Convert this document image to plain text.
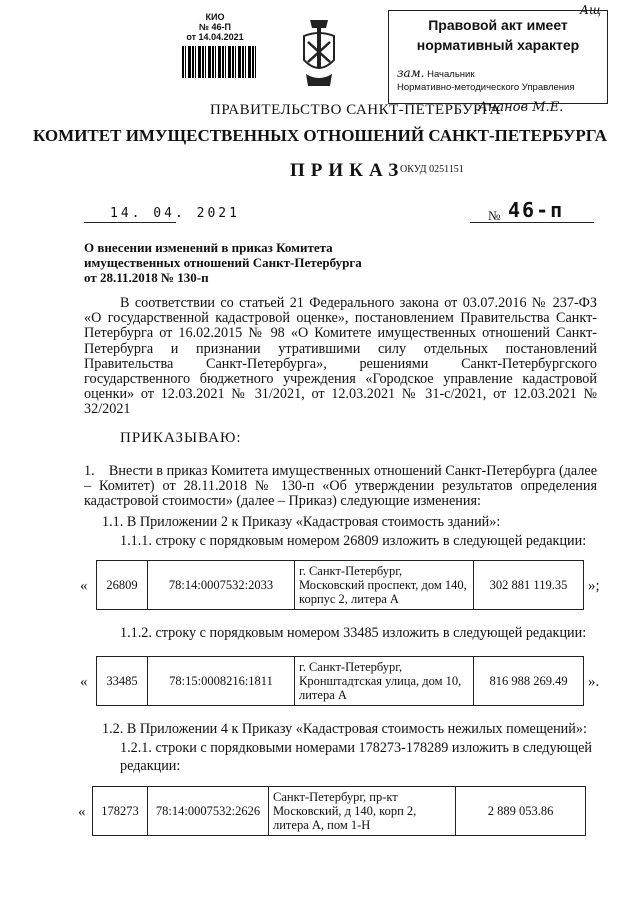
КИО
№ 46-П
от 14.04.2021
Правовой акт имеет
нормативный характер
зам. Начальник
Нормативно-методического Управления
Ащ
ПРАВИТЕЛЬСТВО САНКТ-ПЕТЕРБУРГА
Ананов М.Е.
КОМИТЕТ ИМУЩЕСТВЕННЫХ ОТНОШЕНИЙ САНКТ-ПЕТЕРБУРГА
ПРИКАЗ
ОКУД 0251151
14. 04. 2021	№ 46-п
О внесении изменений в приказ Комитета
имущественных отношений Санкт-Петербурга
от 28.11.2018 № 130-п
В соответствии со статьей 21 Федерального закона от 03.07.2016 № 237-ФЗ «О государственной кадастровой оценке», постановлением Правительства Санкт-Петербурга от 16.02.2015 № 98 «О Комитете имущественных отношений Санкт-Петербурга и признании утратившими силу отдельных постановлений Правительства Санкт-Петербурга», решениями Санкт-Петербургского государственного бюджетного учреждения «Городское управление кадастровой оценки» от 12.03.2021 № 31/2021, от 12.03.2021 № 31-с/2021, от 12.03.2021 № 32/2021
ПРИКАЗЫВАЮ:
1.    Внести в приказ Комитета имущественных отношений Санкт-Петербурга (далее – Комитет) от 28.11.2018 № 130-п «Об утверждении результатов определения кадастровой стоимости» (далее – Приказ) следующие изменения:
1.1. В Приложении 2 к Приказу «Кадастровая стоимость зданий»:
1.1.1. строку с порядковым номером 26809 изложить в следующей редакции:
« 26809	78:14:0007532:2033	г. Санкт-Петербург, Московский проспект, дом 140, корпус 2, литера А	302 881 119.35 »;
1.1.2. строку с порядковым номером 33485 изложить в следующей редакции:
« 33485	78:15:0008216:1811	г. Санкт-Петербург, Кронштадтская улица, дом 10, литера А	816 988 269.49 ».
1.2. В Приложении 4 к Приказу «Кадастровая стоимость нежилых помещений»:
1.2.1. строки с порядковыми номерами 178273-178289 изложить в следующей
редакции:
« 178273	78:14:0007532:2626	Санкт-Петербург, пр-кт Московский, д 140, корп 2, литера А, пом 1-Н	2 889 053.86
